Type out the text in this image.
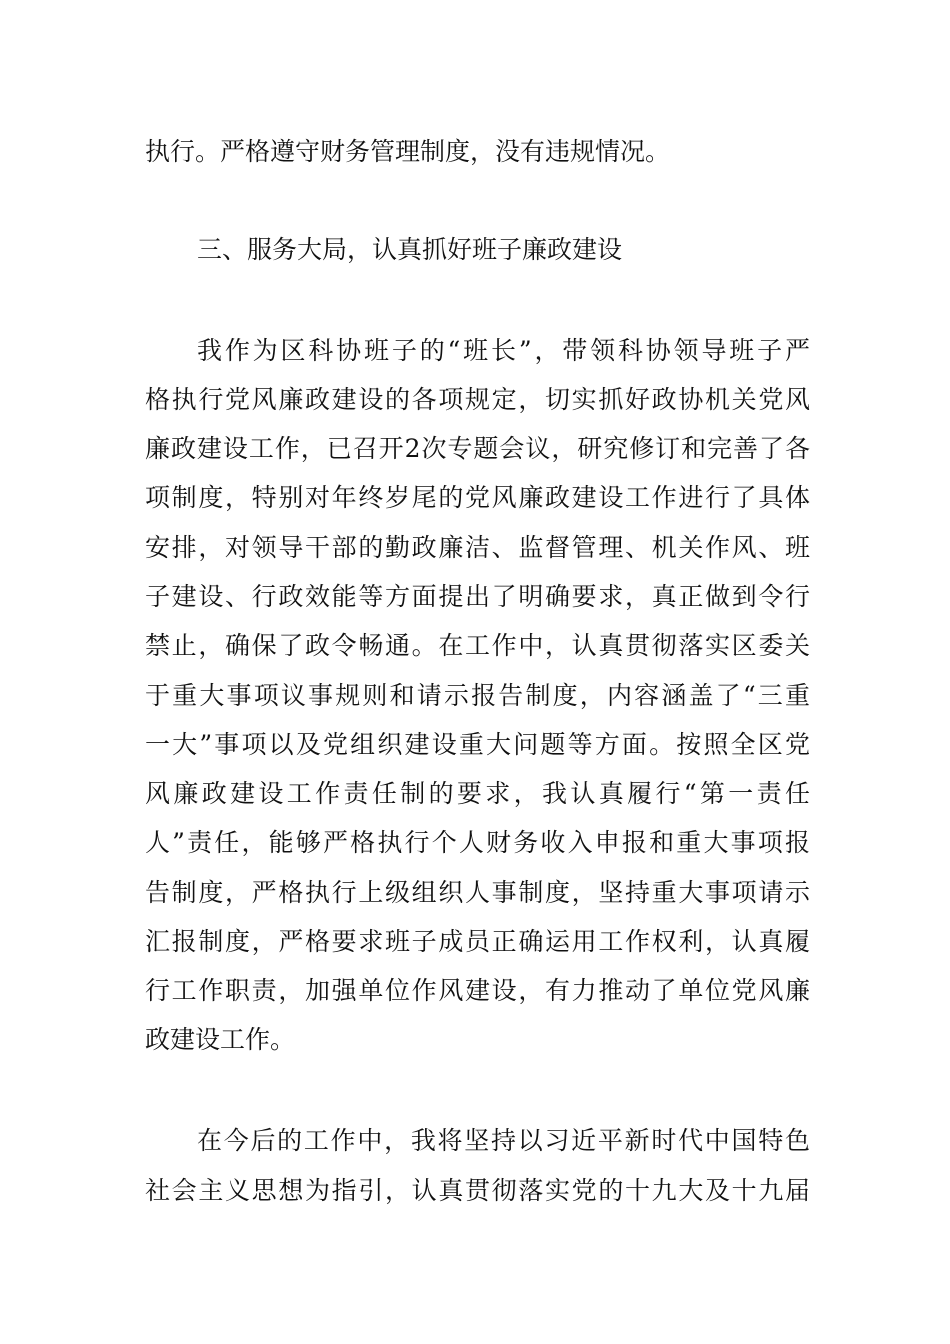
执行。严格遵守财务管理制度，没有违规情况。
三、服务大局，认真抓好班子廉政建设
我作为区科协班子的“班长”，带领科协领导班子严
格执行党风廉政建设的各项规定，切实抓好政协机关党风
廉政建设工作，已召开2次专题会议，研究修订和完善了各
项制度，特别对年终岁尾的党风廉政建设工作进行了具体
安排，对领导干部的勤政廉洁、监督管理、机关作风、班
子建设、行政效能等方面提出了明确要求，真正做到令行
禁止，确保了政令畅通。在工作中，认真贯彻落实区委关
于重大事项议事规则和请示报告制度，内容涵盖了“三重
一大”事项以及党组织建设重大问题等方面。按照全区党
风廉政建设工作责任制的要求，我认真履行“第一责任
人”责任，能够严格执行个人财务收入申报和重大事项报
告制度，严格执行上级组织人事制度，坚持重大事项请示
汇报制度，严格要求班子成员正确运用工作权利，认真履
行工作职责，加强单位作风建设，有力推动了单位党风廉
政建设工作。
在今后的工作中，我将坚持以习近平新时代中国特色
社会主义思想为指引，认真贯彻落实党的十九大及十九届
